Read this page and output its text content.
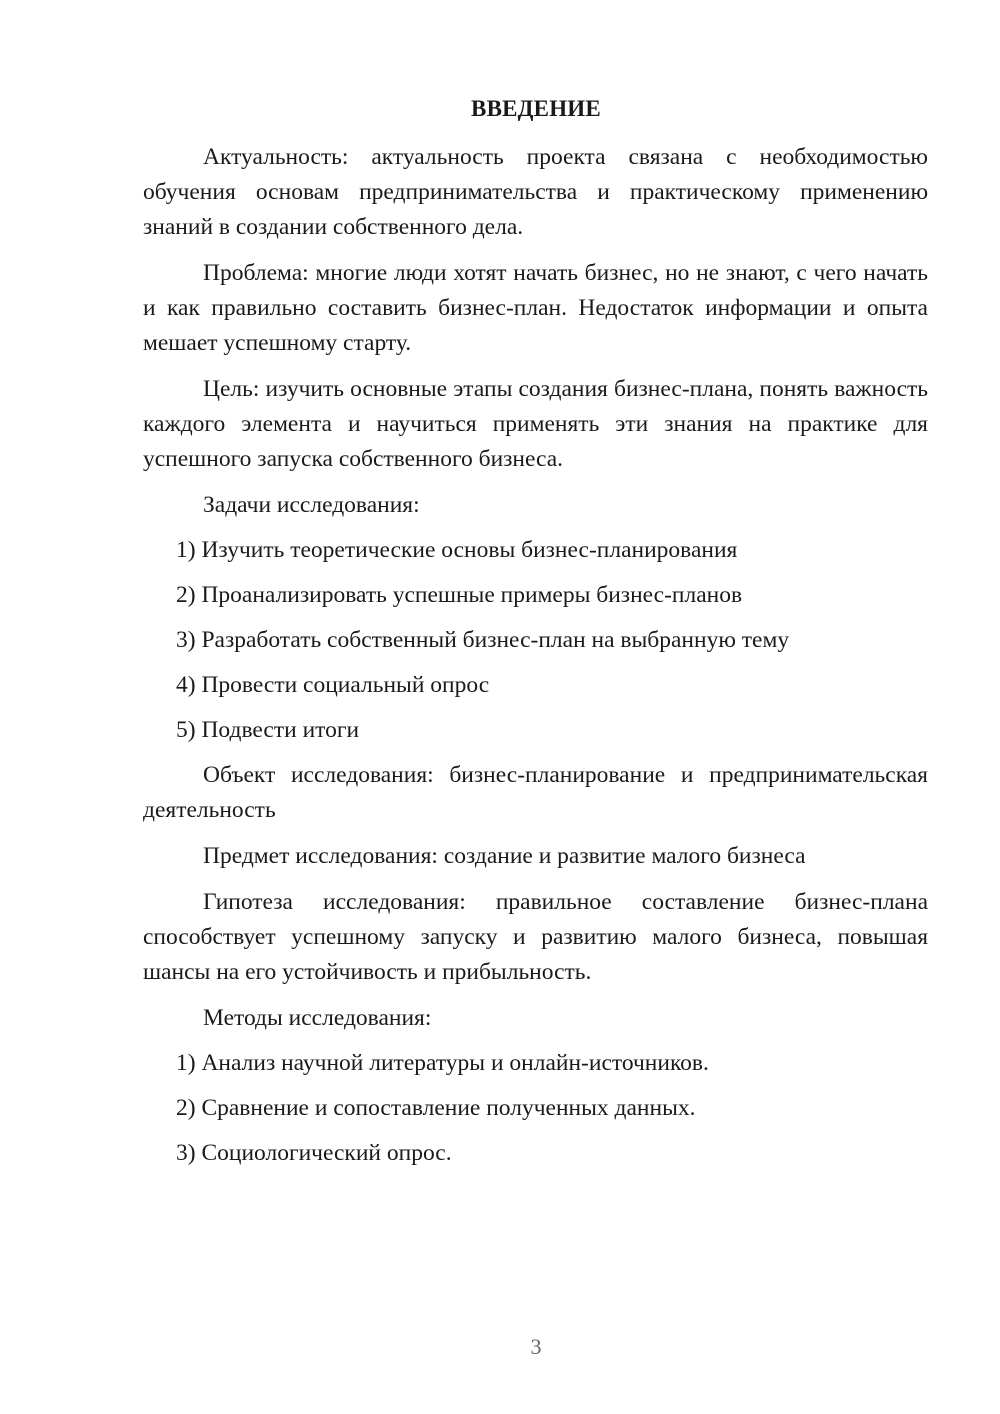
ВВЕДЕНИЕ

Актуальность: актуальность проекта связана с необходимостью обучения основам предпринимательства и практическому применению знаний в создании собственного дела.

Проблема: многие люди хотят начать бизнес, но не знают, с чего начать и как правильно составить бизнес-план. Недостаток информации и опыта мешает успешному старту.

Цель: изучить основные этапы создания бизнес-плана, понять важность каждого элемента и научиться применять эти знания на практике для успешного запуска собственного бизнеса.

Задачи исследования:

1) Изучить теоретические основы бизнес-планирования

2) Проанализировать успешные примеры бизнес-планов

3) Разработать собственный бизнес-план на выбранную тему

4) Провести социальный опрос

5) Подвести итоги

Объект исследования: бизнес-планирование и предпринимательская деятельность

Предмет исследования: создание и развитие малого бизнеса

Гипотеза исследования: правильное составление бизнес-плана способствует успешному запуску и развитию малого бизнеса, повышая шансы на его устойчивость и прибыльность.

Методы исследования:

1) Анализ научной литературы и онлайн-источников.

2) Сравнение и сопоставление полученных данных.

3) Социологический опрос.

3
